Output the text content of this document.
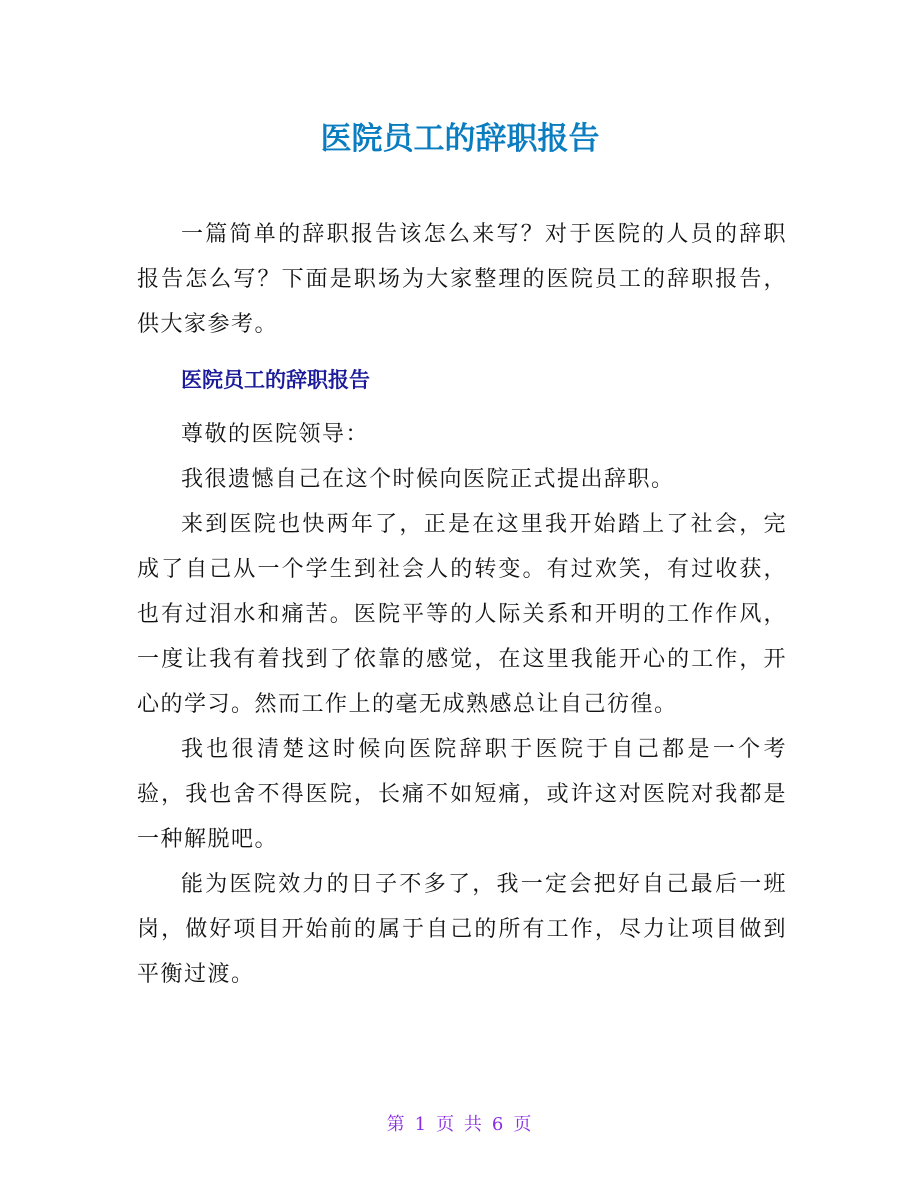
医院员工的辞职报告

一篇简单的辞职报告该怎么来写？对于医院的人员的辞职报告怎么写？下面是职场为大家整理的医院员工的辞职报告，供大家参考。

医院员工的辞职报告

尊敬的医院领导：

我很遗憾自己在这个时候向医院正式提出辞职。

来到医院也快两年了，正是在这里我开始踏上了社会，完成了自己从一个学生到社会人的转变。有过欢笑，有过收获，也有过泪水和痛苦。医院平等的人际关系和开明的工作作风，一度让我有着找到了依靠的感觉，在这里我能开心的工作，开心的学习。然而工作上的毫无成熟感总让自己彷徨。

我也很清楚这时候向医院辞职于医院于自己都是一个考验，我也舍不得医院，长痛不如短痛，或许这对医院对我都是一种解脱吧。

能为医院效力的日子不多了，我一定会把好自己最后一班岗，做好项目开始前的属于自己的所有工作，尽力让项目做到平衡过渡。

第 1 页 共 6 页
